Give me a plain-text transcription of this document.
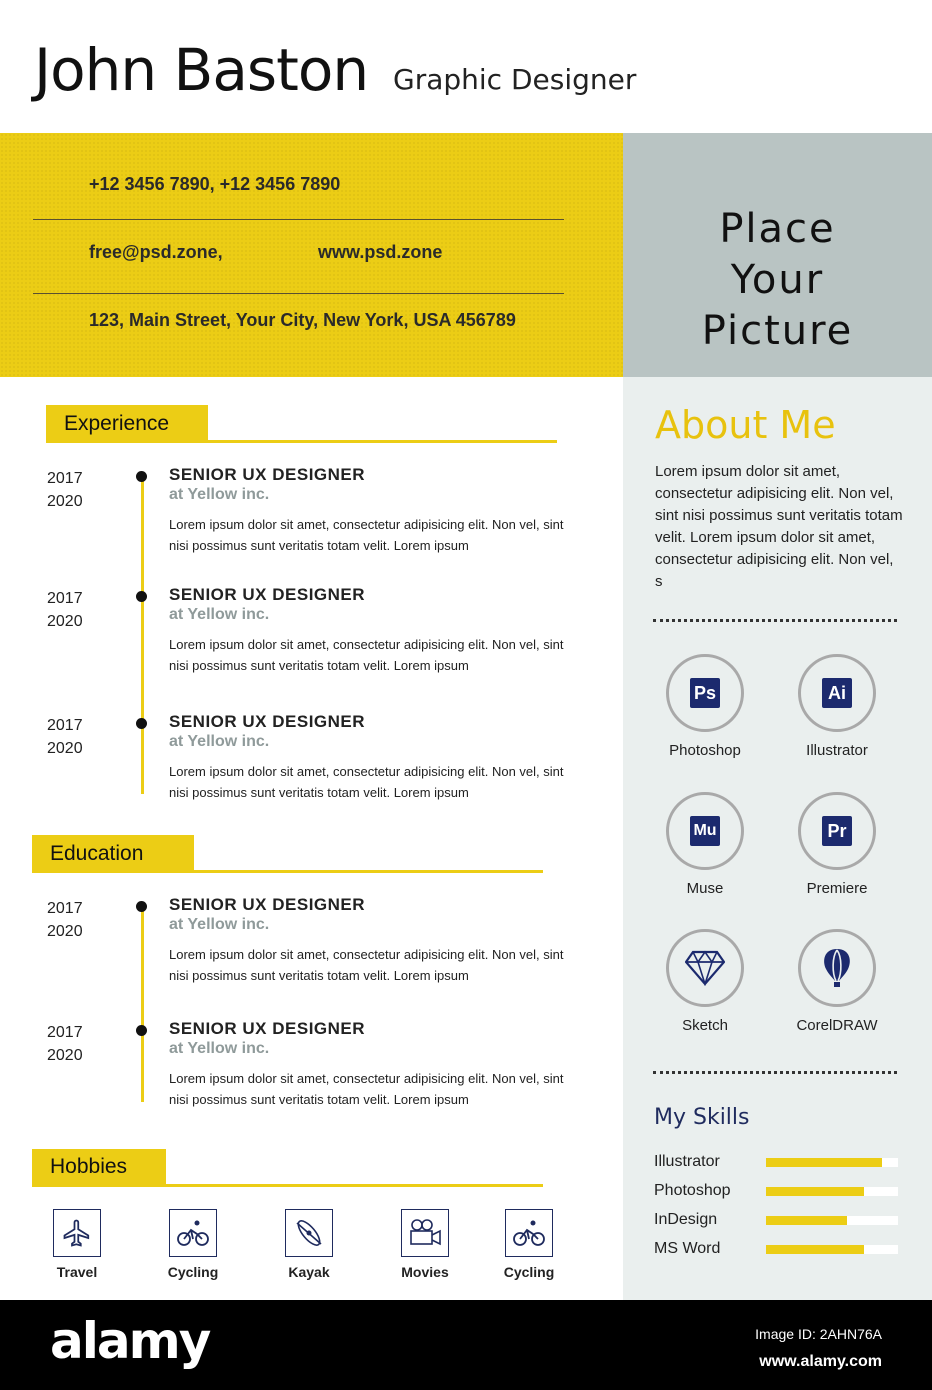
John Baston Graphic Designer
+12 3456 7890, +12 3456 7890
free@psd.zone,	www.psd.zone
123, Main Street, Your City, New York, USA 456789
Place
Your
Picture
About Me
Lorem ipsum dolor sit amet, consectetur adipisicing elit. Non vel, sint nisi possimus sunt veritatis totam velit. Lorem ipsum dolor sit amet, consectetur adipisicing elit. Non vel, s
Ps
Photoshop
Ai
Illustrator
Mu
Muse
Pr
Premiere
Sketch	CorelDRAW
My Skills
Illustrator
Photoshop
InDesign
MS Word
Experience
2017
2020
SENIOR UX DESIGNER
at Yellow inc.
Lorem ipsum dolor sit amet, consectetur adipisicing elit. Non vel, sint nisi possimus sunt veritatis totam velit. Lorem ipsum
2017
2020
SENIOR UX DESIGNER
at Yellow inc.
Lorem ipsum dolor sit amet, consectetur adipisicing elit. Non vel, sint nisi possimus sunt veritatis totam velit. Lorem ipsum
2017
2020
SENIOR UX DESIGNER
at Yellow inc.
Lorem ipsum dolor sit amet, consectetur adipisicing elit. Non vel, sint nisi possimus sunt veritatis totam velit. Lorem ipsum
Education
2017
2020
SENIOR UX DESIGNER
at Yellow inc.
Lorem ipsum dolor sit amet, consectetur adipisicing elit. Non vel, sint nisi possimus sunt veritatis totam velit. Lorem ipsum
2017
2020
SENIOR UX DESIGNER
at Yellow inc.
Lorem ipsum dolor sit amet, consectetur adipisicing elit. Non vel, sint nisi possimus sunt veritatis totam velit. Lorem ipsum
Hobbies
Travel	Cycling	Kayak	Movies	Cycling
alamy	Image ID: 2AHN76A
www.alamy.com
